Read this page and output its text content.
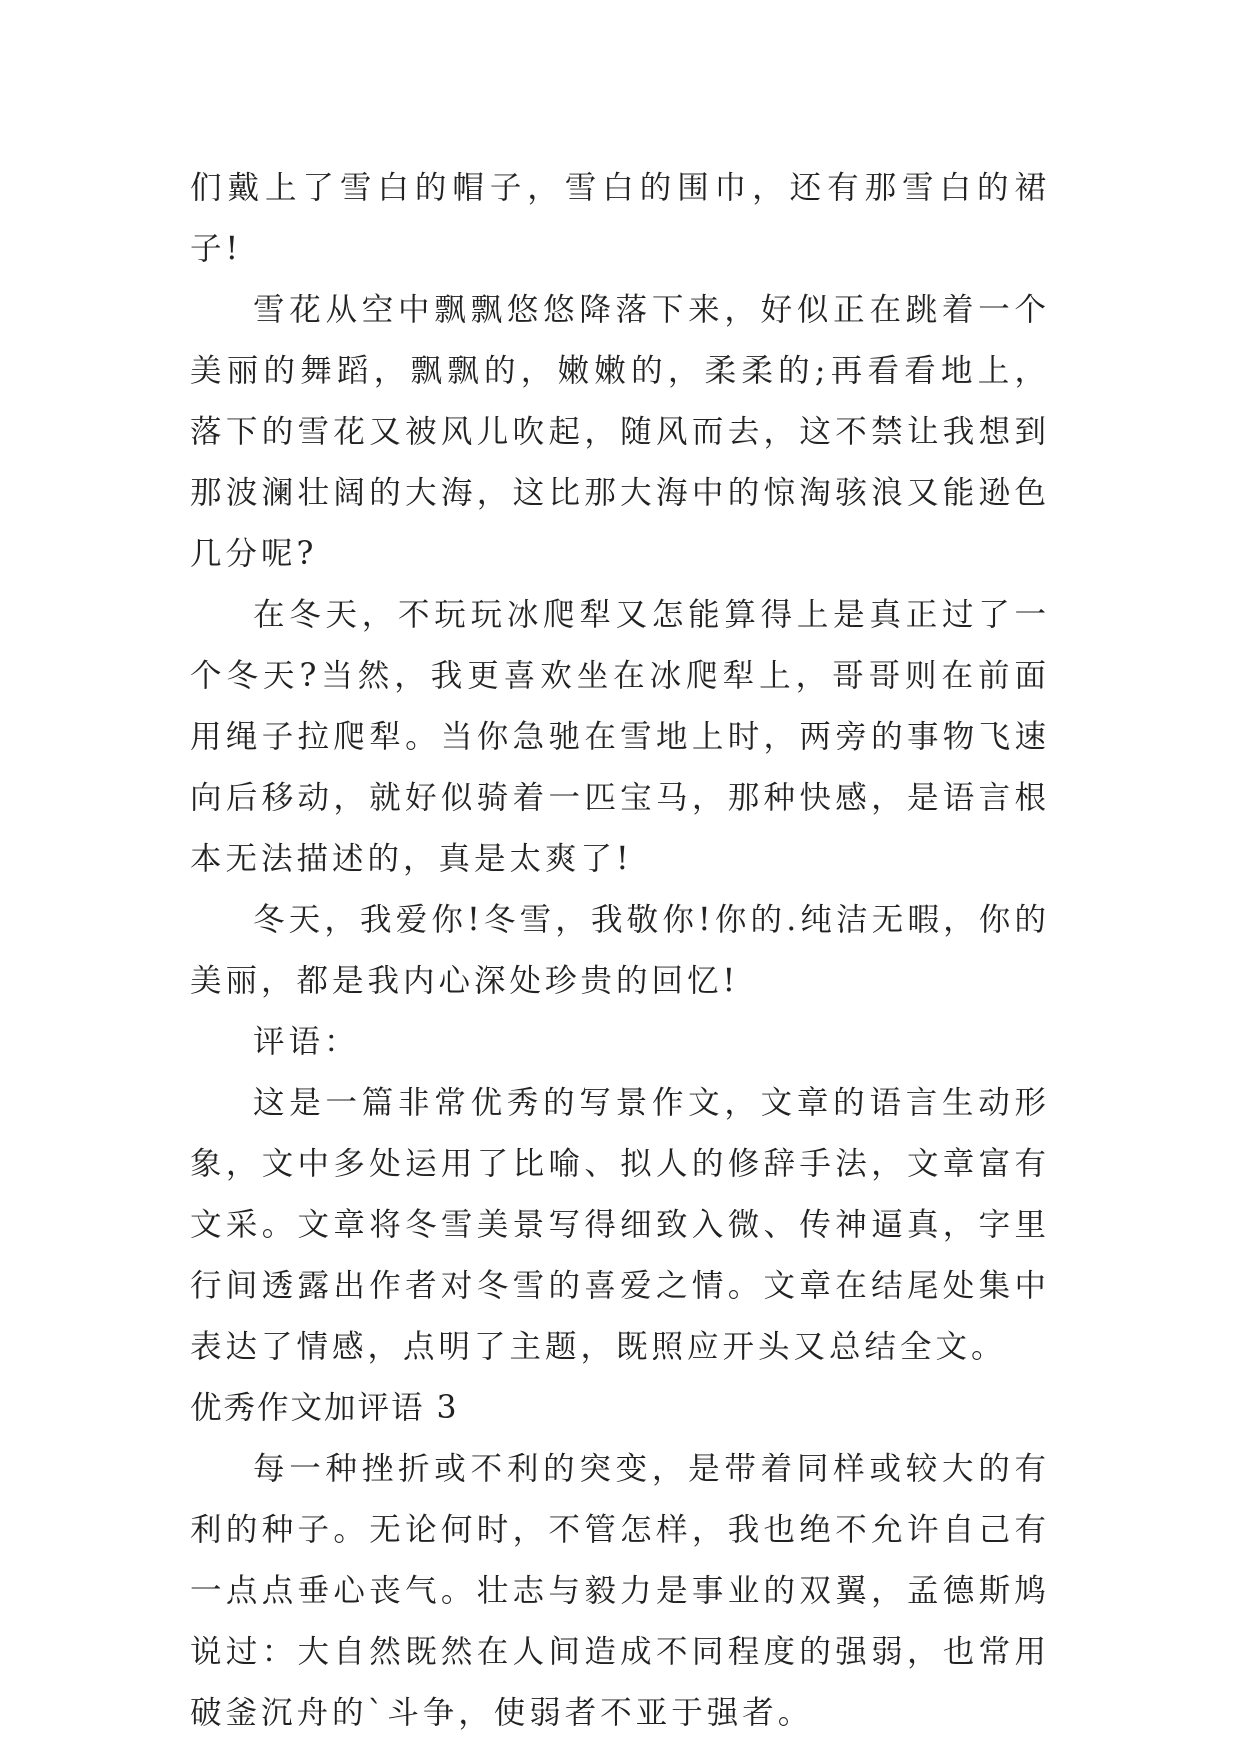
们戴上了雪白的帽子，雪白的围巾，还有那雪白的裙子!

雪花从空中飘飘悠悠降落下来，好似正在跳着一个美丽的舞蹈，飘飘的，嫩嫩的，柔柔的;再看看地上，落下的雪花又被风儿吹起，随风而去，这不禁让我想到那波澜壮阔的大海，这比那大海中的惊淘骇浪又能逊色几分呢?

在冬天，不玩玩冰爬犁又怎能算得上是真正过了一个冬天?当然，我更喜欢坐在冰爬犁上，哥哥则在前面用绳子拉爬犁。当你急驰在雪地上时，两旁的事物飞速向后移动，就好似骑着一匹宝马，那种快感，是语言根本无法描述的，真是太爽了!

冬天，我爱你!冬雪，我敬你!你的.纯洁无暇，你的美丽，都是我内心深处珍贵的回忆!

评语：

这是一篇非常优秀的写景作文，文章的语言生动形象，文中多处运用了比喻、拟人的修辞手法，文章富有文采。文章将冬雪美景写得细致入微、传神逼真，字里行间透露出作者对冬雪的喜爱之情。文章在结尾处集中表达了情感，点明了主题，既照应开头又总结全文。

优秀作文加评语 3

每一种挫折或不利的突变，是带着同样或较大的有利的种子。无论何时，不管怎样，我也绝不允许自己有一点点垂心丧气。壮志与毅力是事业的双翼，孟德斯鸠说过：大自然既然在人间造成不同程度的强弱，也常用破釜沉舟的`斗争，使弱者不亚于强者。
